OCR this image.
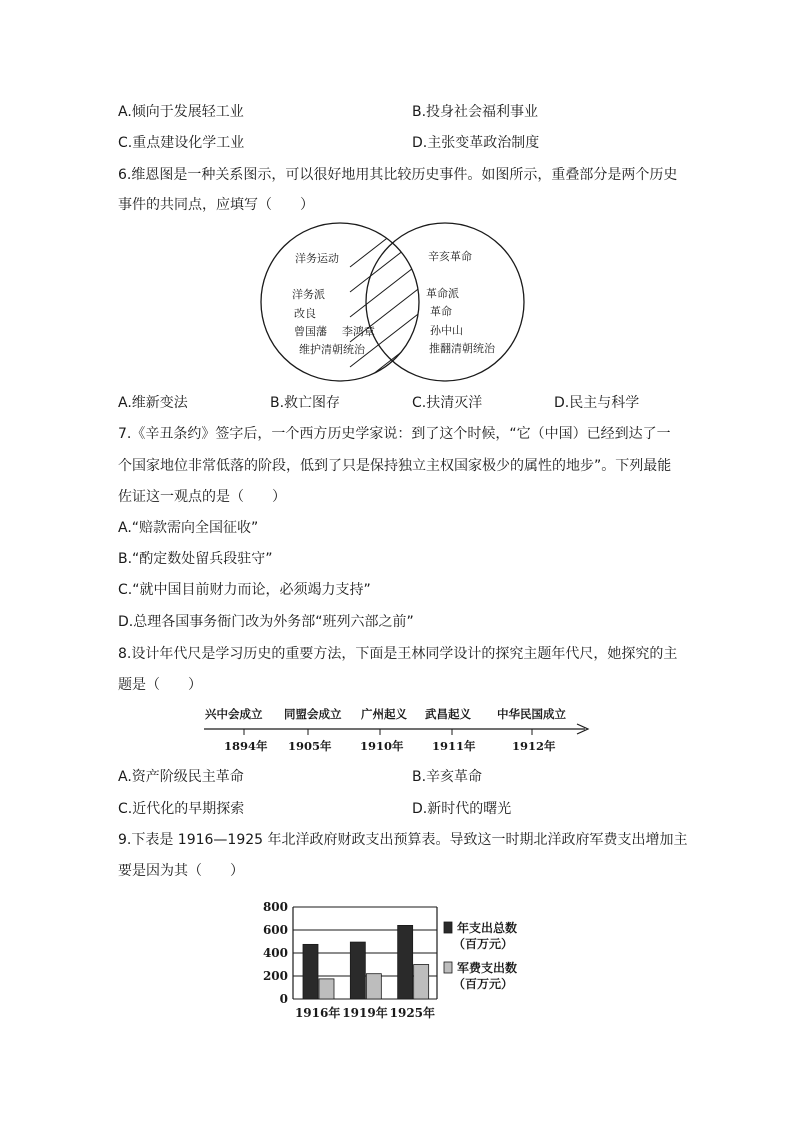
A.倾向于发展轻工业	B.投身社会福利事业
C.重点建设化学工业	D.主张变革政治制度
6.维恩图是一种关系图示，可以很好地用其比较历史事件。如图所示，重叠部分是两个历史
事件的共同点，应填写（　　）
洋务运动
洋务派
改良
曾国藩 李鸿章
维护清朝统治
辛亥革命
革命派
革命
孙中山
推翻清朝统治
A.维新变法	B.救亡图存	C.扶清灭洋	D.民主与科学
7.《辛丑条约》签字后，一个西方历史学家说：到了这个时候，“它（中国）已经到达了一
个国家地位非常低落的阶段，低到了只是保持独立主权国家极少的属性的地步”。下列最能
佐证这一观点的是（　　）
A.“赔款需向全国征收”
B.“酌定数处留兵段驻守”
C.“就中国目前财力而论，必须竭力支持”
D.总理各国事务衙门改为外务部“班列六部之前”
8.设计年代尺是学习历史的重要方法，下面是王林同学设计的探究主题年代尺，她探究的主
题是（　　）
兴中会成立 同盟会成立 广州起义 武昌起义 中华民国成立
1894年 1905年 1910年 1911年	1912年
A.资产阶级民主革命	B.辛亥革命
C.近代化的早期探索	D.新时代的曙光
9.下表是 1916—1925 年北洋政府财政支出预算表。导致这一时期北洋政府军费支出增加主
要是因为其（　　）
0
200
400
600
800
1916年 1919年 1925年
年支出总数
（百万元）
军费支出数
（百万元）
